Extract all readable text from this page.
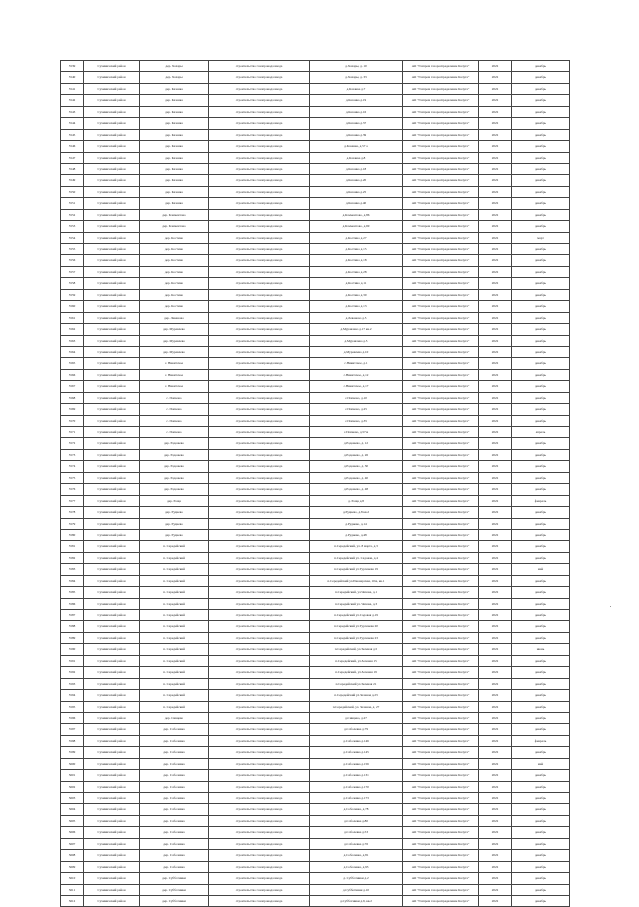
5539	Сухиничский район	дер. Хохары	строительство газопровода ввода	д.Хохары, д. 10	АО "Газпром газораспределение Калуга"	2022	декабрь
5540	Сухиничский район	дер. Хохары	строительство газопровода ввода	д.Хохары, д. 33	АО "Газпром газораспределение Калуга"	2022	декабрь
5541	Сухиничский район	дер. Казанка	строительство газопровода ввода	д.Казанка д.7	АО "Газпром газораспределение Калуга"	2022	декабрь
5542	Сухиничский район	дер. Казанка	строительство газопровода ввода	д.Казанка д.19	АО "Газпром газораспределение Калуга"	2022	декабрь
5543	Сухиничский район	дер. Казанка	строительство газопровода ввода	д.Казанка д.16	АО "Газпром газораспределение Калуга"	2022	декабрь
5544	Сухиничский район	дер. Казанка	строительство газопровода ввода	д.Казанка д.37	АО "Газпром газораспределение Калуга"	2022	декабрь
5545	Сухиничский район	дер. Казанка	строительство газопровода ввода	д.Казанка д.39	АО "Газпром газораспределение Калуга"	2022	декабрь
5546	Сухиничский район	дер. Казанка	строительство газопровода ввода	д.Казанка, д.57 а	АО "Газпром газораспределение Калуга"	2022	декабрь
5547	Сухиничский район	дер. Казанка	строительство газопровода ввода	д.Казанка д.8	АО "Газпром газораспределение Калуга"	2022	декабрь
5548	Сухиничский район	дер. Казанка	строительство газопровода ввода	д.Казанка д.18	АО "Газпром газораспределение Калуга"	2022	декабрь
5549	Сухиничский район	дер. Казанка	строительство газопровода ввода	д.Казанка д.20	АО "Газпром газораспределение Калуга"	2022	декабрь
5550	Сухиничский район	дер. Казанка	строительство газопровода ввода	д.Казанка д.25	АО "Газпром газораспределение Калуга"	2022	декабрь
5551	Сухиничский район	дер. Казанка	строительство газопровода ввода	д.Казанка д.40	АО "Газпром газораспределение Калуга"	2022	декабрь
5552	Сухиничский район	дер. Клементово	строительство газопровода ввода	д.Клементово, д.86	АО "Газпром газораспределение Калуга"	2022	декабрь
5553	Сухиничский район	дер. Клементово	строительство газопровода ввода	д.Клементово, д.69	АО "Газпром газораспределение Калуга"	2022	декабрь
5554	Сухиничский район	дер. Костино	строительство газопровода ввода	д.Костино д.27	АО "Газпром газораспределение Калуга"	2022	март
5555	Сухиничский район	дер. Костино	строительство газопровода ввода	д.Костино д.15	АО "Газпром газораспределение Калуга"	2022	декабрь
5556	Сухиничский район	дер. Костино	строительство газопровода ввода	д.Костино д.18	АО "Газпром газораспределение Калуга"	2022	декабрь
5557	Сухиничский район	дер. Костино	строительство газопровода ввода	д.Костино д.28	АО "Газпром газораспределение Калуга"	2022	декабрь
5558	Сухиничский район	дер. Костино	строительство газопровода ввода	д.Костино д.11	АО "Газпром газораспределение Калуга"	2022	декабрь
5559	Сухиничский район	дер. Костино	строительство газопровода ввода	д.Костино д.30	АО "Газпром газораспределение Калуга"	2022	декабрь
5560	Сухиничский район	дер. Костино	строительство газопровода ввода	д.Костино д.13	АО "Газпром газораспределение Калуга"	2022	декабрь
5561	Сухиничский район	дер. Леваново	строительство газопровода ввода	д.Леваново д.5	АО "Газпром газораспределение Калуга"	2022	декабрь
5562	Сухиничский район	дер. Муравлево	строительство газопровода ввода	д.Муравлево д.17 кв.2	АО "Газпром газораспределение Калуга"	2022	декабрь
5563	Сухиничский район	дер. Муравлево	строительство газопровода ввода	д.Муравлево д.5	АО "Газпром газораспределение Калуга"	2022	декабрь
5564	Сухиничский район	дер. Муравлево	строительство газопровода ввода	д.Муравлево д.10	АО "Газпром газораспределение Калуга"	2022	декабрь
5565	Сухиничский район	с. Никитское	строительство газопровода ввода	с.Никитское, д.1	АО "Газпром газораспределение Калуга"	2022	декабрь
5566	Сухиничский район	с. Никитское	строительство газопровода ввода	с.Никитское, д.12	АО "Газпром газораспределение Калуга"	2022	декабрь
5567	Сухиничский район	с. Никитское	строительство газопровода ввода	с.Никитское, д.17	АО "Газпром газораспределение Калуга"	2022	декабрь
5568	Сухиничский район	с. Попково	строительство газопровода ввода	с.Попково, д.10	АО "Газпром газораспределение Калуга"	2022	декабрь
5569	Сухиничский район	с. Попково	строительство газопровода ввода	с.Попково, д.25	АО "Газпром газораспределение Калуга"	2022	декабрь
5570	Сухиничский район	с. Попково	строительство газопровода ввода	с.Попково, д.35	АО "Газпром газораспределение Калуга"	2022	декабрь
5571	Сухиничский район	с. Попково	строительство газопровода ввода	с.Попково, д.57А	АО "Газпром газораспределение Калуга"	2022	апрель
5572	Сухиничский район	дер. Радожево	строительство газопровода ввода	д.Радожево, д. 12	АО "Газпром газораспределение Калуга"	2022	декабрь
5573	Сухиничский район	дер. Радожево	строительство газопровода ввода	д.Радожево, д. 26	АО "Газпром газораспределение Калуга"	2022	декабрь
5574	Сухиничский район	дер. Радожево	строительство газопровода ввода	д.Радожево, д. 30	АО "Газпром газораспределение Калуга"	2022	декабрь
5575	Сухиничский район	дер. Радожево	строительство газопровода ввода	д.Радожево, д. 40	АО "Газпром газораспределение Калуга"	2022	декабрь
5576	Сухиничский район	дер. Радожево	строительство газопровода ввода	д.Радожево, д. 48	АО "Газпром газораспределение Калуга"	2022	декабрь
5577	Сухиничский район	дер. Роща	строительство газопровода ввода	д. Роща д.8	АО "Газпром газораспределение Калуга"	2022	февраль
5578	Сухиничский район	дер. Руднево	строительство газопровода ввода	д.Руднево, д.8 кв.2	АО "Газпром газораспределение Калуга"	2022	декабрь
5579	Сухиничский район	дер. Руднево	строительство газопровода ввода	д.Руднево, д.14	АО "Газпром газораспределение Калуга"	2022	декабрь
5580	Сухиничский район	дер. Руднево	строительство газопровода ввода	д.Руднево, д.48	АО "Газпром газораспределение Калуга"	2022	декабрь
5581	Сухиничский район	п. Середейский	строительство газопровода ввода	п.Середейский, ул. 8 марта, д.3	АО "Газпром газораспределение Калуга"	2022	декабрь
5582	Сухиничский район	п. Середейский	строительство газопровода ввода	п.Середейский ул. Садовая, д.4	АО "Газпром газораспределение Калуга"	2022	декабрь
5583	Сухиничский район	п. Середейский	строительство газопровода ввода	п.Середейский ул.Тургенева 19	АО "Газпром газораспределение Калуга"	2022	май
5584	Сухиничский район	п. Середейский	строительство газопровода ввода	п.Середейский ул.Пионерская, 10А, кв.1	АО "Газпром газораспределение Калуга"	2022	декабрь
5585	Сухиничский район	п. Середейский	строительство газопровода ввода	п.Середейский, ул.Чехова, д.1	АО "Газпром газораспределение Калуга"	2022	декабрь
5586	Сухиничский район	п. Середейский	строительство газопровода ввода	п.Середейский ул. Чехова, д.3	АО "Газпром газораспределение Калуга"	2022	декабрь
5587	Сухиничский район	п. Середейский	строительство газопровода ввода	п.Середейский ул.Садовая д.19	АО "Газпром газораспределение Калуга"	2022	декабрь
5588	Сухиничский район	п. Середейский	строительство газопровода ввода	п.Середейский ул.Тургенева 20	АО "Газпром газораспределение Калуга"	2022	декабрь
5589	Сухиничский район	п. Середейский	строительство газопровода ввода	п.Середейский ул.Тургенева 23	АО "Газпром газораспределение Калуга"	2022	декабрь
5590	Сухиничский район	п. Середейский	строительство газопровода ввода	п.Середейский, ул.Зеленая д.5	АО "Газпром газораспределение Калуга"	2022	июнь
5591	Сухиничский район	п. Середейский	строительство газопровода ввода	п.Середейский, ул.Зеленая 15	АО "Газпром газораспределение Калуга"	2022	декабрь
5592	Сухиничский район	п. Середейский	строительство газопровода ввода	п.Середейский, ул.Зеленая 19	АО "Газпром газораспределение Калуга"	2022	декабрь
5593	Сухиничский район	п. Середейский	строительство газопровода ввода	п.Середейский ул.Зеленая 21	АО "Газпром газораспределение Калуга"	2022	декабрь
5594	Сухиничский район	п. Середейский	строительство газопровода ввода	п.Середейский ул.Зеленая д.23	АО "Газпром газораспределение Калуга"	2022	декабрь
5595	Сухиничский район	п. Середейский	строительство газопровода ввода	п.Середейский, ул. Зеленая, д. 27	АО "Газпром газораспределение Калуга"	2022	декабрь
5596	Сухиничский район	дер. Сивцево	строительство газопровода ввода	д.Сивцево, д.27	АО "Газпром газораспределение Калуга"	2022	декабрь
5597	Сухиничский район	дер. Соболевка	строительство газопровода ввода	д.Соболевка д.79	АО "Газпром газораспределение Калуга"	2022	декабрь
5598	Сухиничский район	дер. Соболевка	строительство газопровода ввода	д.Соболевка д.146	АО "Газпром газораспределение Калуга"	2022	февраль
5599	Сухиничский район	дер. Соболевка	строительство газопровода ввода	д.Соболевка д.145	АО "Газпром газораспределение Калуга"	2022	декабрь
5600	Сухиничский район	дер. Соболевка	строительство газопровода ввода	д.Соболевка д.156	АО "Газпром газораспределение Калуга"	2022	май
5601	Сухиничский район	дер. Соболевка	строительство газопровода ввода	д.Соболевка д.131	АО "Газпром газораспределение Калуга"	2022	декабрь
5602	Сухиничский район	дер. Соболевка	строительство газопровода ввода	д.Соболевка д.170	АО "Газпром газораспределение Калуга"	2022	декабрь
5603	Сухиничский район	дер. Соболевка	строительство газопровода ввода	д.Соболевка д.173	АО "Газпром газораспределение Калуга"	2022	декабрь
5604	Сухиничский район	дер. Соболевка	строительство газопровода ввода	д.Соболевка, д.78	АО "Газпром газораспределение Калуга"	2022	декабрь
5605	Сухиничский район	дер. Соболевка	строительство газопровода ввода	д.Соболевка д.80	АО "Газпром газораспределение Калуга"	2022	декабрь
5606	Сухиничский район	дер. Соболевка	строительство газопровода ввода	д.Соболевка д.53	АО "Газпром газораспределение Калуга"	2022	декабрь
5607	Сухиничский район	дер. Соболевка	строительство газопровода ввода	д.Соболевка д.76	АО "Газпром газораспределение Калуга"	2022	декабрь
5608	Сухиничский район	дер. Соболевка	строительство газопровода ввода	д.Соболевка, д.81	АО "Газпром газораспределение Калуга"	2022	декабрь
5609	Сухиничский район	дер. Соболевка	строительство газопровода ввода	д.Соболевка, д.93	АО "Газпром газораспределение Калуга"	2022	декабрь
5610	Сухиничский район	дер. Субботники	строительство газопровода ввода	д. Субботники д.2	АО "Газпром газораспределение Калуга"	2022	декабрь
5611	Сухиничский район	дер. Субботники	строительство газопровода ввода	д.Субботники д.10	АО "Газпром газораспределение Калуга"	2022	декабрь
5612	Сухиничский район	дер. Субботники	строительство газопровода ввода	д.Субботники д.9, кв.2	АО "Газпром газораспределение Калуга"	2022	декабрь
